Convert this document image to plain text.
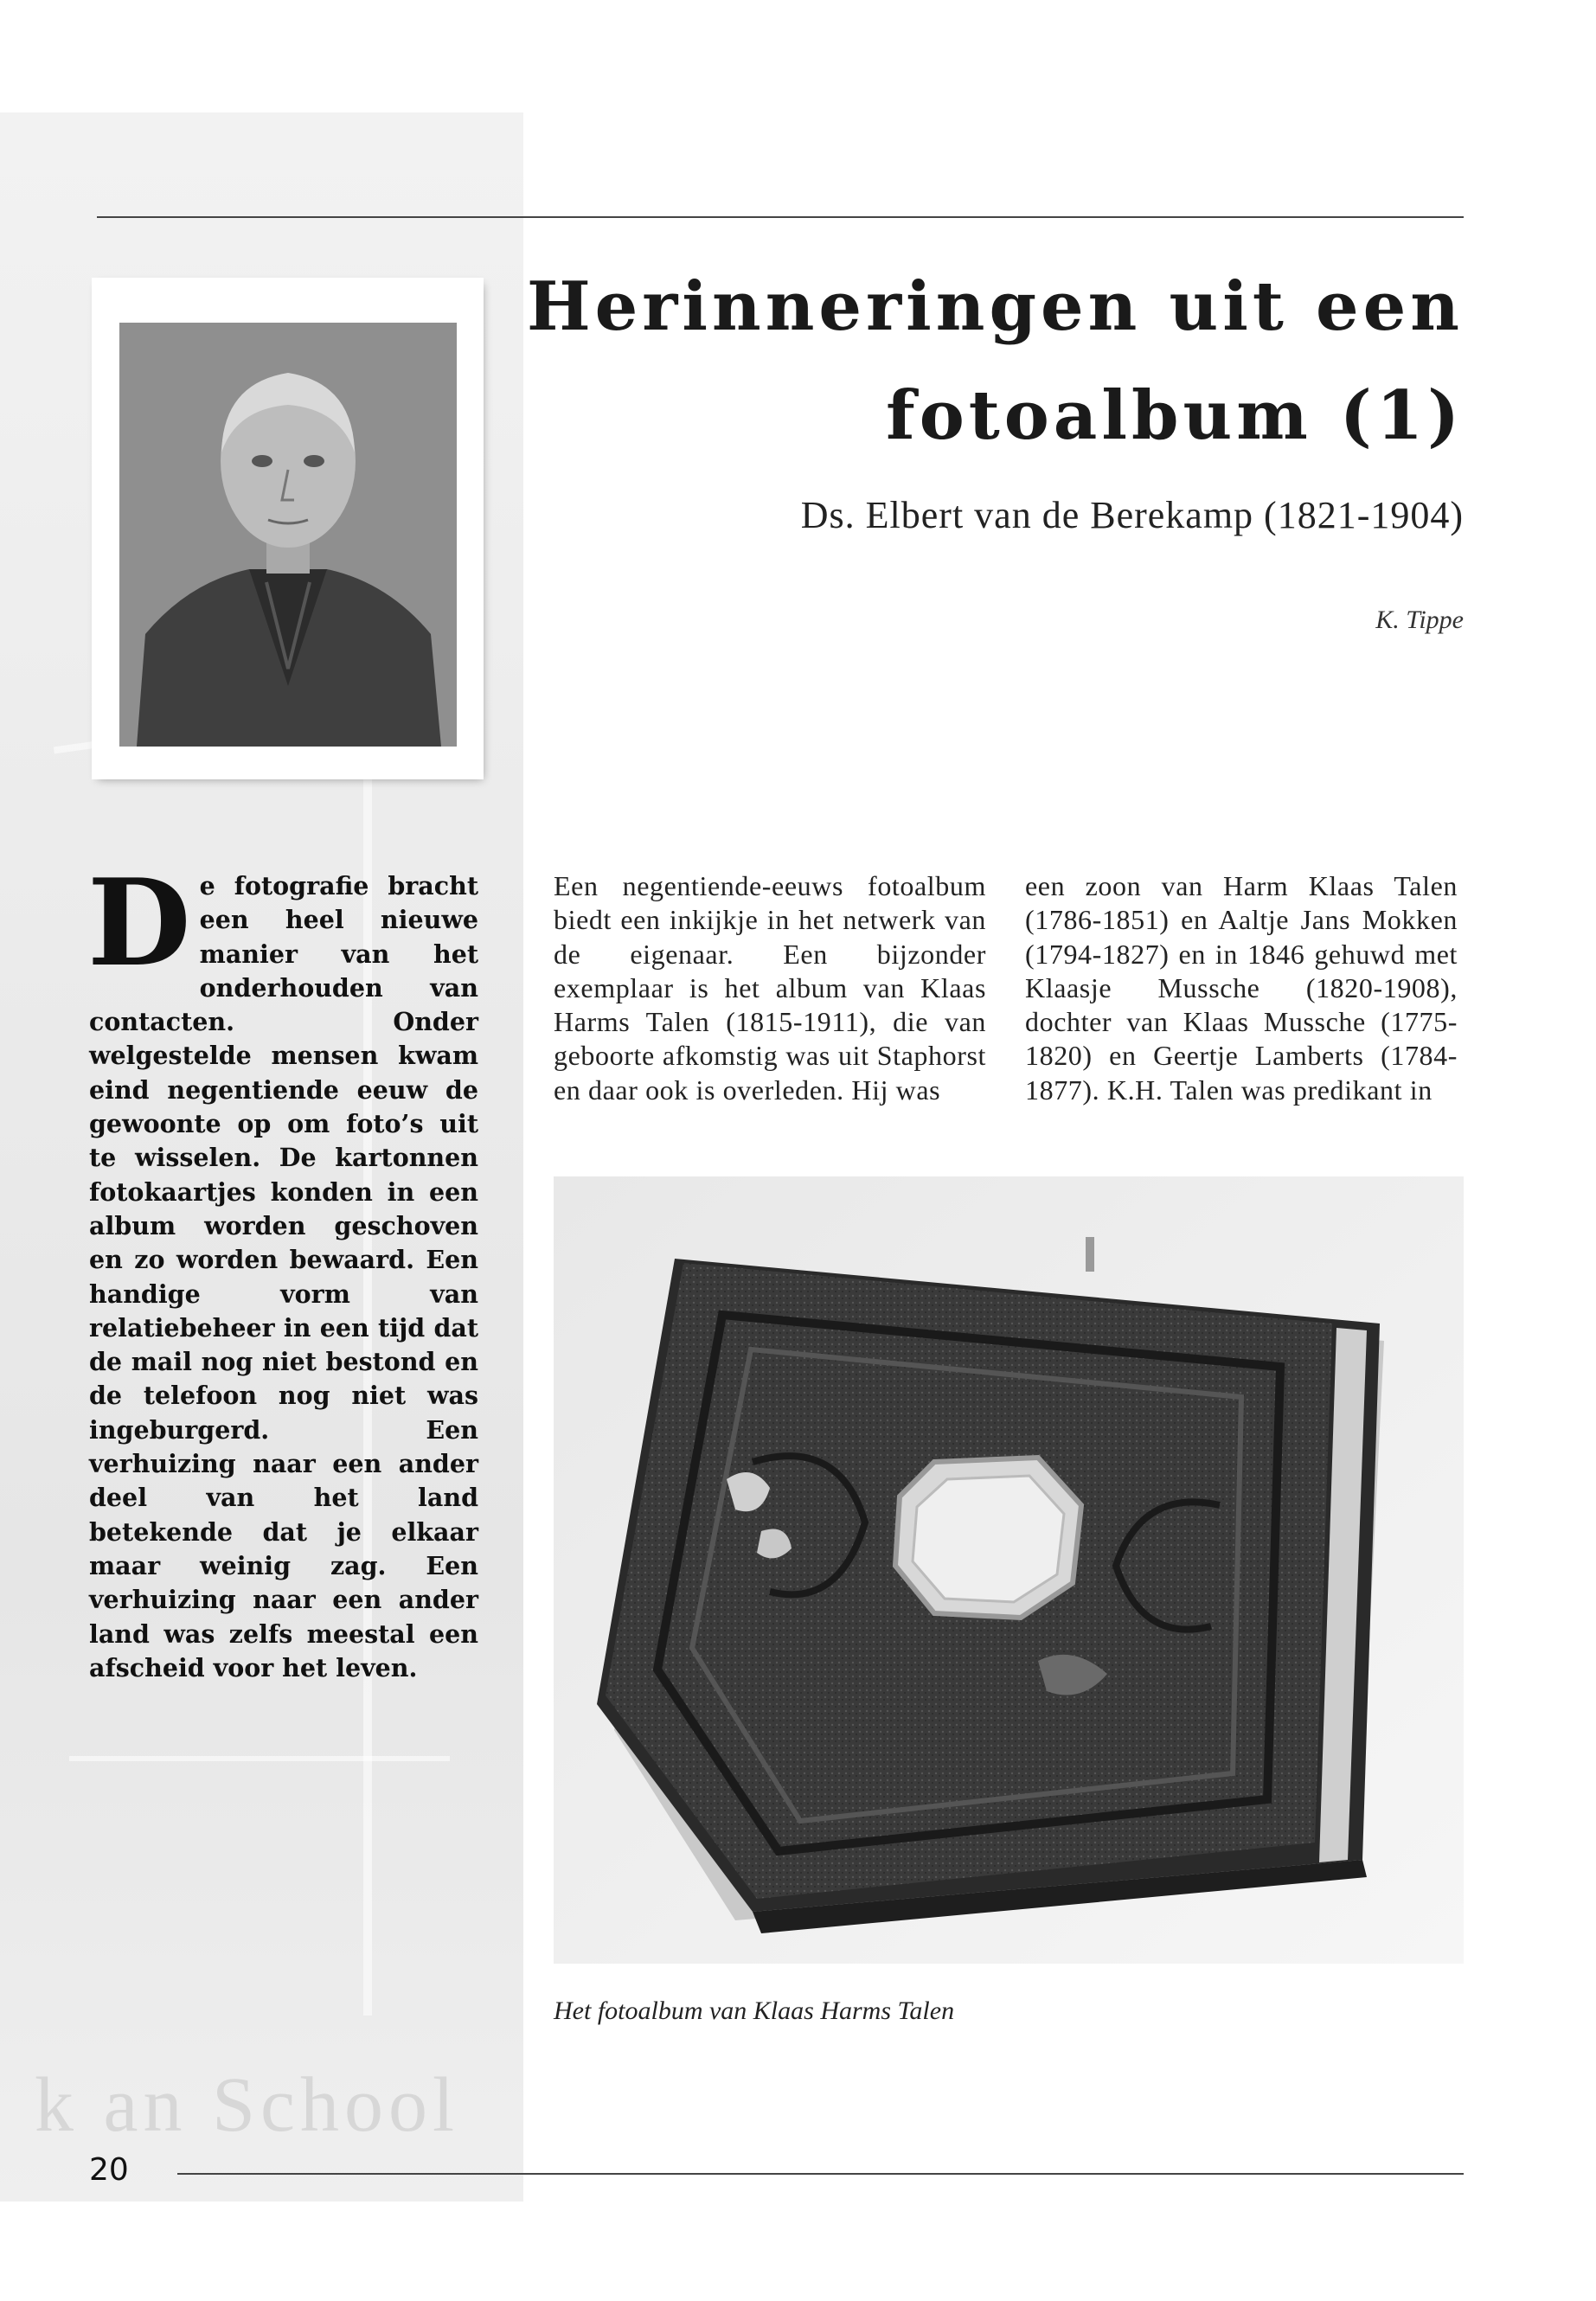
k an School
Herinneringen uit een
fotoalbum (1)
Ds. Elbert van de Berekamp (1821-1904)
K. Tippe

De fotografie bracht een heel nieuwe manier van het onderhouden van contacten. Onder welgestelde mensen kwam eind negentiende eeuw de gewoonte op om foto’s uit te wisselen. De kartonnen fotokaartjes konden in een album worden geschoven en zo worden bewaard. Een handige vorm van relatiebeheer in een tijd dat de mail nog niet bestond en de telefoon nog niet was ingeburgerd. Een verhuizing naar een ander deel van het land betekende dat je elkaar maar weinig zag. Een verhuizing naar een ander land was zelfs meestal een afscheid voor het leven.

Een negentiende-eeuws fotoalbum biedt een inkijkje in het netwerk van de eigenaar. Een bijzonder exemplaar is het album van Klaas Harms Talen (1815-1911), die van geboorte afkomstig was uit Staphorst en daar ook is overleden. Hij was

een zoon van Harm Klaas Talen (1786-1851) en Aaltje Jans Mokken (1794-1827) en in 1846 gehuwd met Klaasje Mussche (1820-1908), dochter van Klaas Mussche (1775-1820) en Geertje Lamberts (1784-1877). K.H. Talen was predikant in

Het fotoalbum van Klaas Harms Talen
20
